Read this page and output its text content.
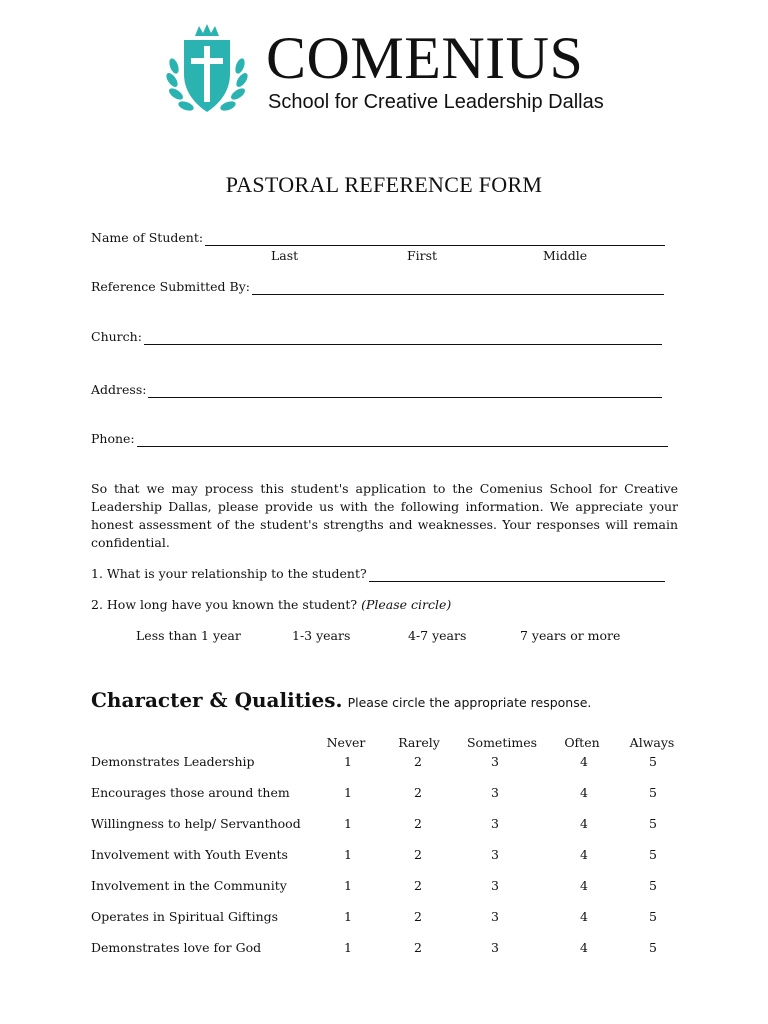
COMENIUS
School for Creative Leadership Dallas
PASTORAL REFERENCE FORM
Name of Student:
Last	First	Middle
Reference Submitted By:
Church:
Address:
Phone:
So that we may process this student's application to the Comenius School for Creative Leadership Dallas, please provide us with the following information. We appreciate your honest assessment of the student's strengths and weaknesses. Your responses will remain confidential.
1. What is your relationship to the student?
2. How long have you known the student? (Please circle)
Less than 1 year	1-3 years	4-7 years	7 years or more
Character & Qualities. Please circle the appropriate response.
Never	Rarely	Sometimes	Often	Always
Demonstrates Leadership	1	2	3	4	5
Encourages those around them	1	2	3	4	5
Willingness to help/ Servanthood	1	2	3	4	5
Involvement with Youth Events	1	2	3	4	5
Involvement in the Community	1	2	3	4	5
Operates in Spiritual Giftings	1	2	3	4	5
Demonstrates love for God	1	2	3	4	5
